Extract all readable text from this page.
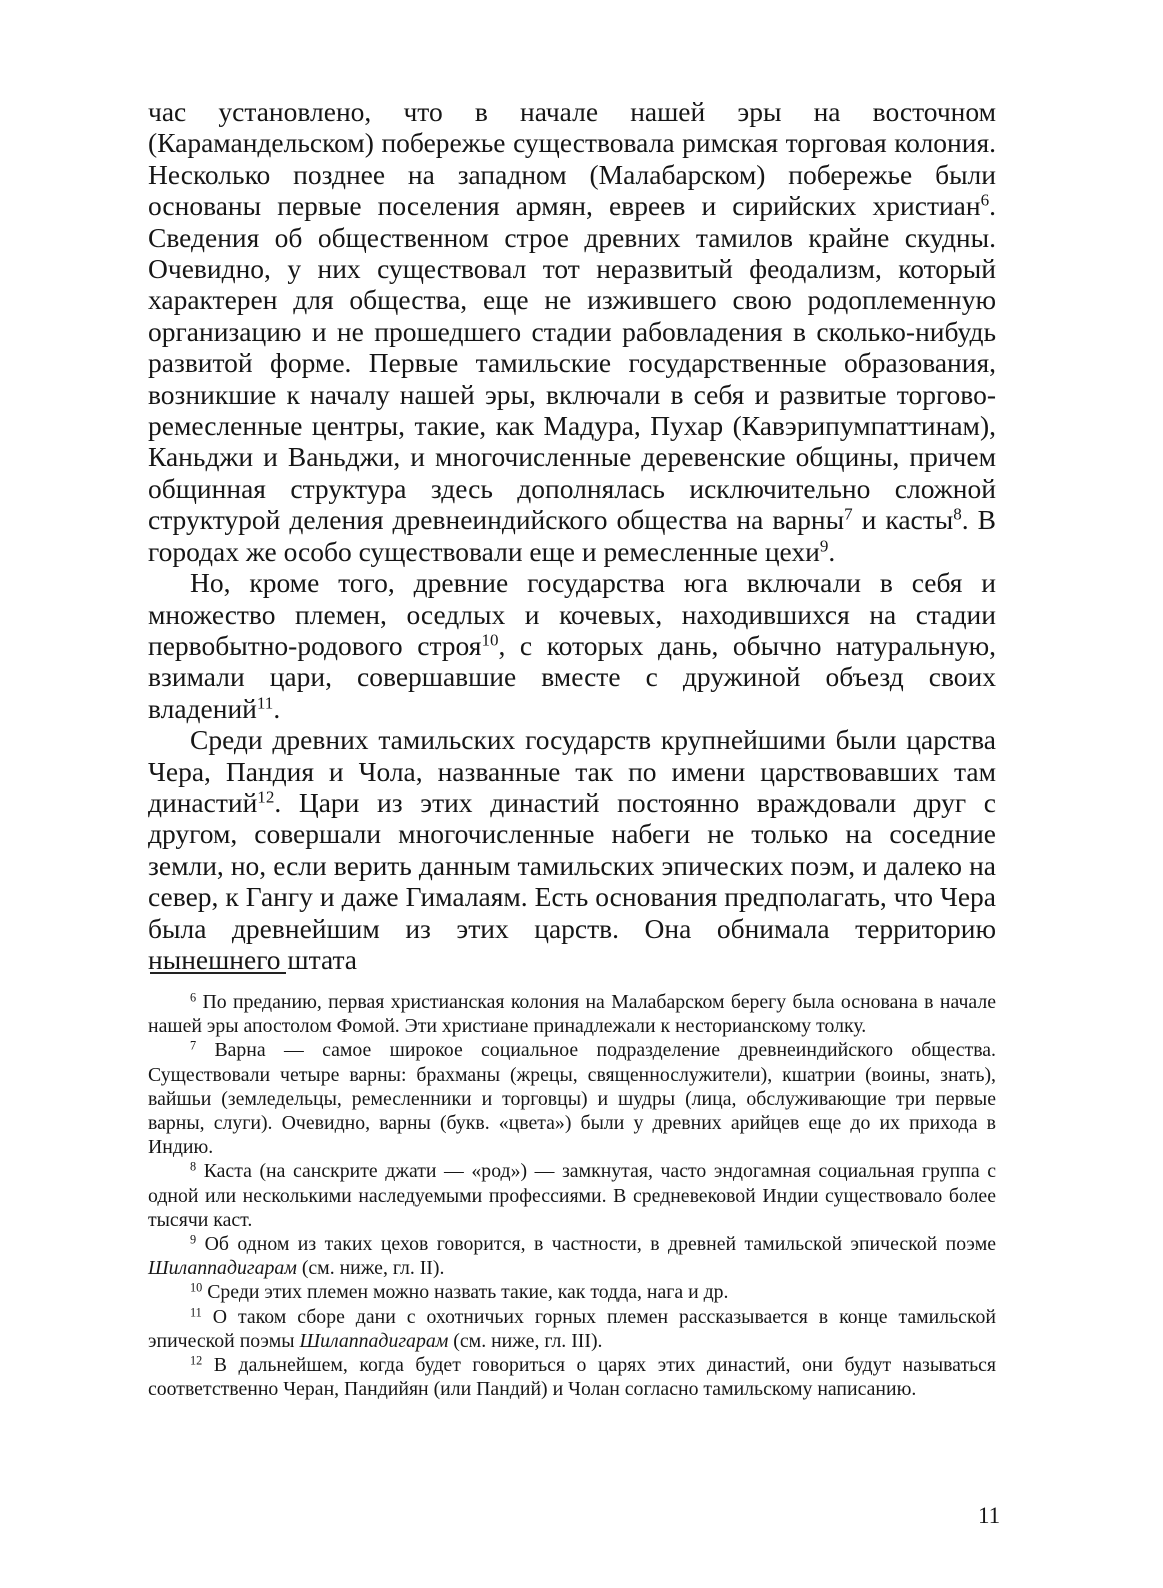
час установлено, что в начале нашей эры на восточном (Карамандельском) побережье существовала римская торговая колония. Несколько позднее на западном (Малабарском) побережье были основаны первые поселения армян, евреев и сирийских христиан$^6$. Сведения об общественном строе древних тамилов крайне скудны. Очевидно, у них существовал тот неразвитый феодализм, который характерен для общества, еще не изжившего свою родоплеменную организацию и не прошедшего стадии рабовладения в сколько-нибудь развитой форме. Первые тамильские государственные образования, возникшие к началу нашей эры, включали в себя и развитые торгово-ремесленные центры, такие, как Мадура, Пухар (Кавэрипумпаттинам), Каньджи и Ваньджи, и многочисленные деревенские общины, причем общинная структура здесь дополнялась исключительно сложной структурой деления древнеиндийского общества на варны$^7$ и касты$^8$. В городах же особо существовали еще и ремесленные цехи$^9$.

Но, кроме того, древние государства юга включали в себя и множество племен, оседлых и кочевых, находившихся на стадии первобытно-родового строя$^{10}$, с которых дань, обычно натуральную, взимали цари, совершавшие вместе с дружиной объезд своих владений$^{11}$.

Среди древних тамильских государств крупнейшими были царства Чера, Пандия и Чола, названные так по имени царствовавших там династий$^{12}$. Цари из этих династий постоянно враждовали друг с другом, совершали многочисленные набеги не только на соседние земли, но, если верить данным тамильских эпических поэм, и далеко на север, к Гангу и даже Гималаям. Есть основания предполагать, что Чера была древнейшим из этих царств. Она обнимала территорию нынешнего штата

$^6$ По преданию, первая христианская колония на Малабарском берегу была основана в начале нашей эры апостолом Фомой. Эти христиане принадлежали к несторианскому толку.

$^7$ Варна — самое широкое социальное подразделение древнеиндийского общества. Существовали четыре варны: брахманы (жрецы, священнослужители), кшатрии (воины, знать), вайшьи (земледельцы, ремесленники и торговцы) и шудры (лица, обслуживающие три первые варны, слуги). Очевидно, варны (букв. «цвета») были у древних арийцев еще до их прихода в Индию.

$^8$ Каста (на санскрите джати — «род») — замкнутая, часто эндогамная социальная группа с одной или несколькими наследуемыми профессиями. В средневековой Индии существовало более тысячи каст.

$^9$ Об одном из таких цехов говорится, в частности, в древней тамильской эпической поэме Шилаппадигарам (см. ниже, гл. II).

$^{10}$ Среди этих племен можно назвать такие, как тодда, нага и др.

$^{11}$ О таком сборе дани с охотничьих горных племен рассказывается в конце тамильской эпической поэмы Шилаппадигарам (см. ниже, гл. III).

$^{12}$ В дальнейшем, когда будет говориться о царях этих династий, они будут называться соответственно Черан, Пандийян (или Пандий) и Чолан согласно тамильскому написанию.

11
